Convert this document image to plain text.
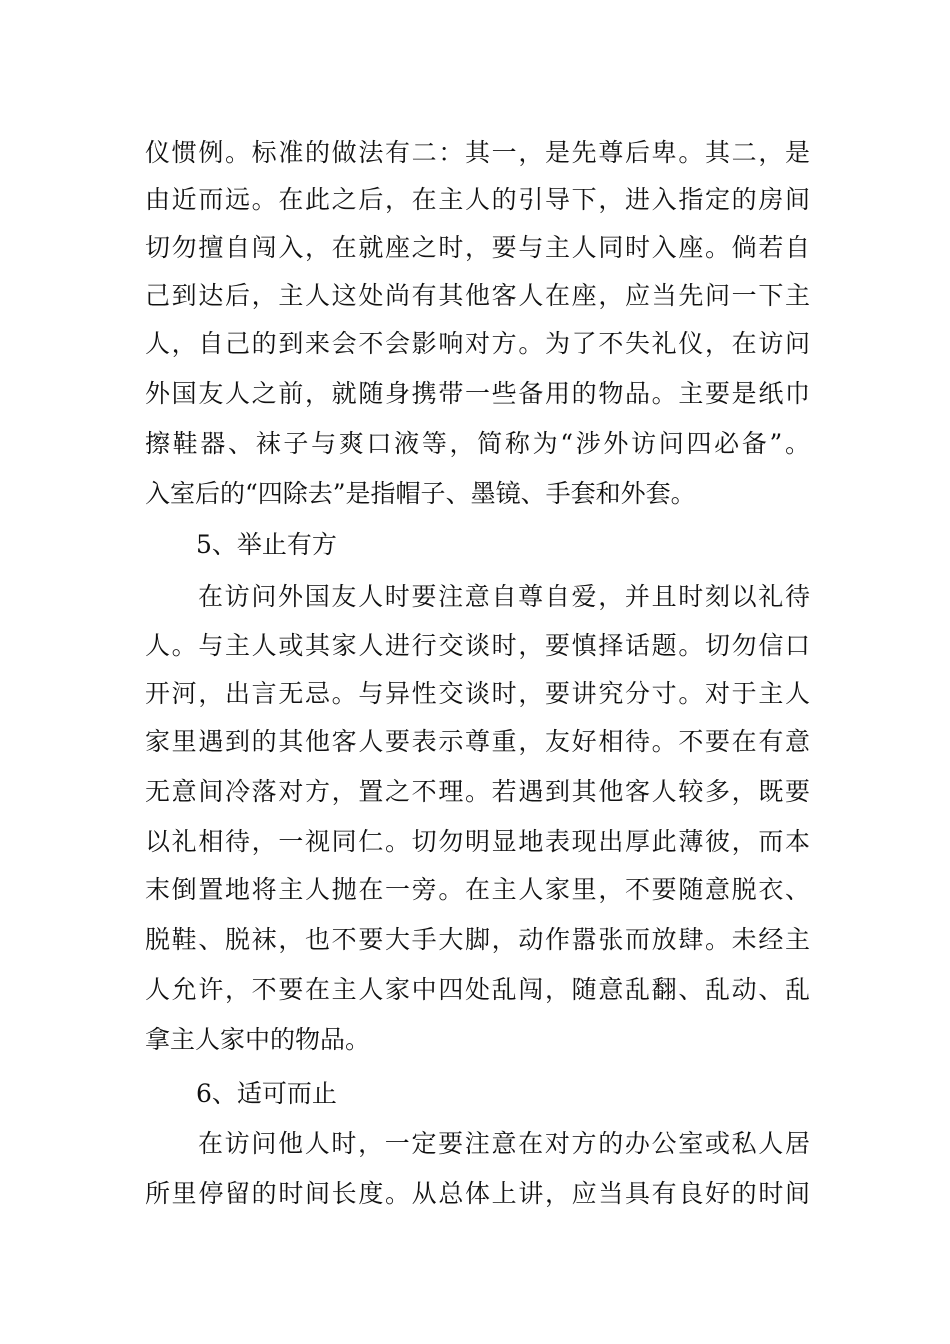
仪惯例。标准的做法有二：其一，是先尊后卑。其二，是
由近而远。在此之后，在主人的引导下，进入指定的房间
切勿擅自闯入，在就座之时，要与主人同时入座。倘若自
己到达后，主人这处尚有其他客人在座，应当先问一下主
人，自己的到来会不会影响对方。为了不失礼仪，在访问
外国友人之前，就随身携带一些备用的物品。主要是纸巾
擦鞋器、袜子与爽口液等，简称为“涉外访问四必备”。
入室后的“四除去”是指帽子、墨镜、手套和外套。
5、举止有方
在访问外国友人时要注意自尊自爱，并且时刻以礼待
人。与主人或其家人进行交谈时，要慎择话题。切勿信口
开河，出言无忌。与异性交谈时，要讲究分寸。对于主人
家里遇到的其他客人要表示尊重，友好相待。不要在有意
无意间冷落对方，置之不理。若遇到其他客人较多，既要
以礼相待，一视同仁。切勿明显地表现出厚此薄彼，而本
末倒置地将主人抛在一旁。在主人家里，不要随意脱衣、
脱鞋、脱袜，也不要大手大脚，动作嚣张而放肆。未经主
人允许，不要在主人家中四处乱闯，随意乱翻、乱动、乱
拿主人家中的物品。
6、适可而止
在访问他人时，一定要注意在对方的办公室或私人居
所里停留的时间长度。从总体上讲，应当具有良好的时间
